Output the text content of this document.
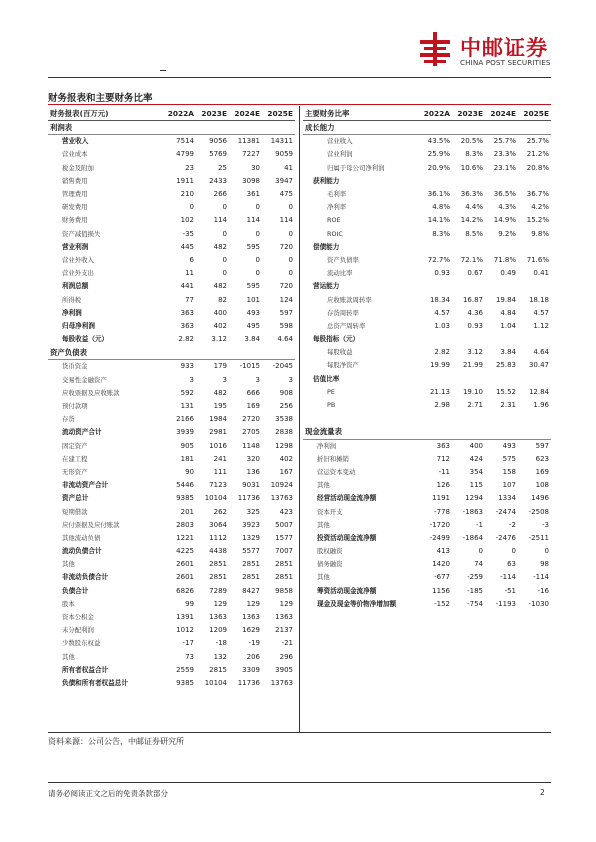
中邮证券
CHINA POST SECURITIES
财务报表和主要财务比率
财务报表(百万元)	2022A	2023E	2024E	2025E
利润表				
营业收入	7514	9056	11381	14311
营业成本	4799	5769	7227	9059
税金及附加	23	25	30	41
销售费用	1911	2433	3098	3947
管理费用	210	266	361	475
研发费用	0	0	0	0
财务费用	102	114	114	114
资产减值损失	-35	0	0	0
营业利润	445	482	595	720
营业外收入	6	0	0	0
营业外支出	11	0	0	0
利润总额	441	482	595	720
所得税	77	82	101	124
净利润	363	400	493	597
归母净利润	363	402	495	598
每股收益（元）	2.82	3.12	3.84	4.64
资产负债表				
货币资金	933	179	-1015	-2045
交易性金融资产	3	3	3	3
应收票据及应收账款	592	482	666	908
预付款项	131	195	169	256
存货	2166	1984	2720	3538
流动资产合计	3939	2981	2705	2838
固定资产	905	1016	1148	1298
在建工程	181	241	320	402
无形资产	90	111	136	167
非流动资产合计	5446	7123	9031	10924
资产总计	9385	10104	11736	13763
短期借款	201	262	325	423
应付票据及应付账款	2803	3064	3923	5007
其他流动负债	1221	1112	1329	1577
流动负债合计	4225	4438	5577	7007
其他	2601	2851	2851	2851
非流动负债合计	2601	2851	2851	2851
负债合计	6826	7289	8427	9858
股本	99	129	129	129
资本公积金	1391	1363	1363	1363
未分配利润	1012	1209	1629	2137
少数股东权益	-17	-18	-19	-21
其他	73	132	206	296
所有者权益合计	2559	2815	3309	3905
负债和所有者权益总计	9385	10104	11736	13763
主要财务比率	2022A	2023E	2024E	2025E
成长能力				
营业收入	43.5%	20.5%	25.7%	25.7%
营业利润	25.9%	8.3%	23.3%	21.2%
归属于母公司净利润	20.9%	10.6%	23.1%	20.8%
获利能力				
毛利率	36.1%	36.3%	36.5%	36.7%
净利率	4.8%	4.4%	4.3%	4.2%
ROE	14.1%	14.2%	14.9%	15.2%
ROIC	8.3%	8.5%	9.2%	9.8%
偿债能力				
资产负债率	72.7%	72.1%	71.8%	71.6%
流动比率	0.93	0.67	0.49	0.41
营运能力				
应收账款周转率	18.34	16.87	19.84	18.18
存货周转率	4.57	4.36	4.84	4.57
总资产周转率	1.03	0.93	1.04	1.12
每股指标（元）				
每股收益	2.82	3.12	3.84	4.64
每股净资产	19.99	21.99	25.83	30.47
估值比率				
PE	21.13	19.10	15.52	12.84
PB	2.98	2.71	2.31	1.96

现金流量表				
净利润	363	400	493	597
折旧和摊销	712	424	575	623
营运资本变动	-11	354	158	169
其他	126	115	107	108
经营活动现金流净额	1191	1294	1334	1496
资本开支	-778	-1863	-2474	-2508
其他	-1720	-1	-2	-3
投资活动现金流净额	-2499	-1864	-2476	-2511
股权融资	413	0	0	0
债务融资	1420	74	63	98
其他	-677	-259	-114	-114
筹资活动现金流净额	1156	-185	-51	-16
现金及现金等价物净增加额	-152	-754	-1193	-1030
资料来源：公司公告，中邮证券研究所
请务必阅读正文之后的免责条款部分	2
